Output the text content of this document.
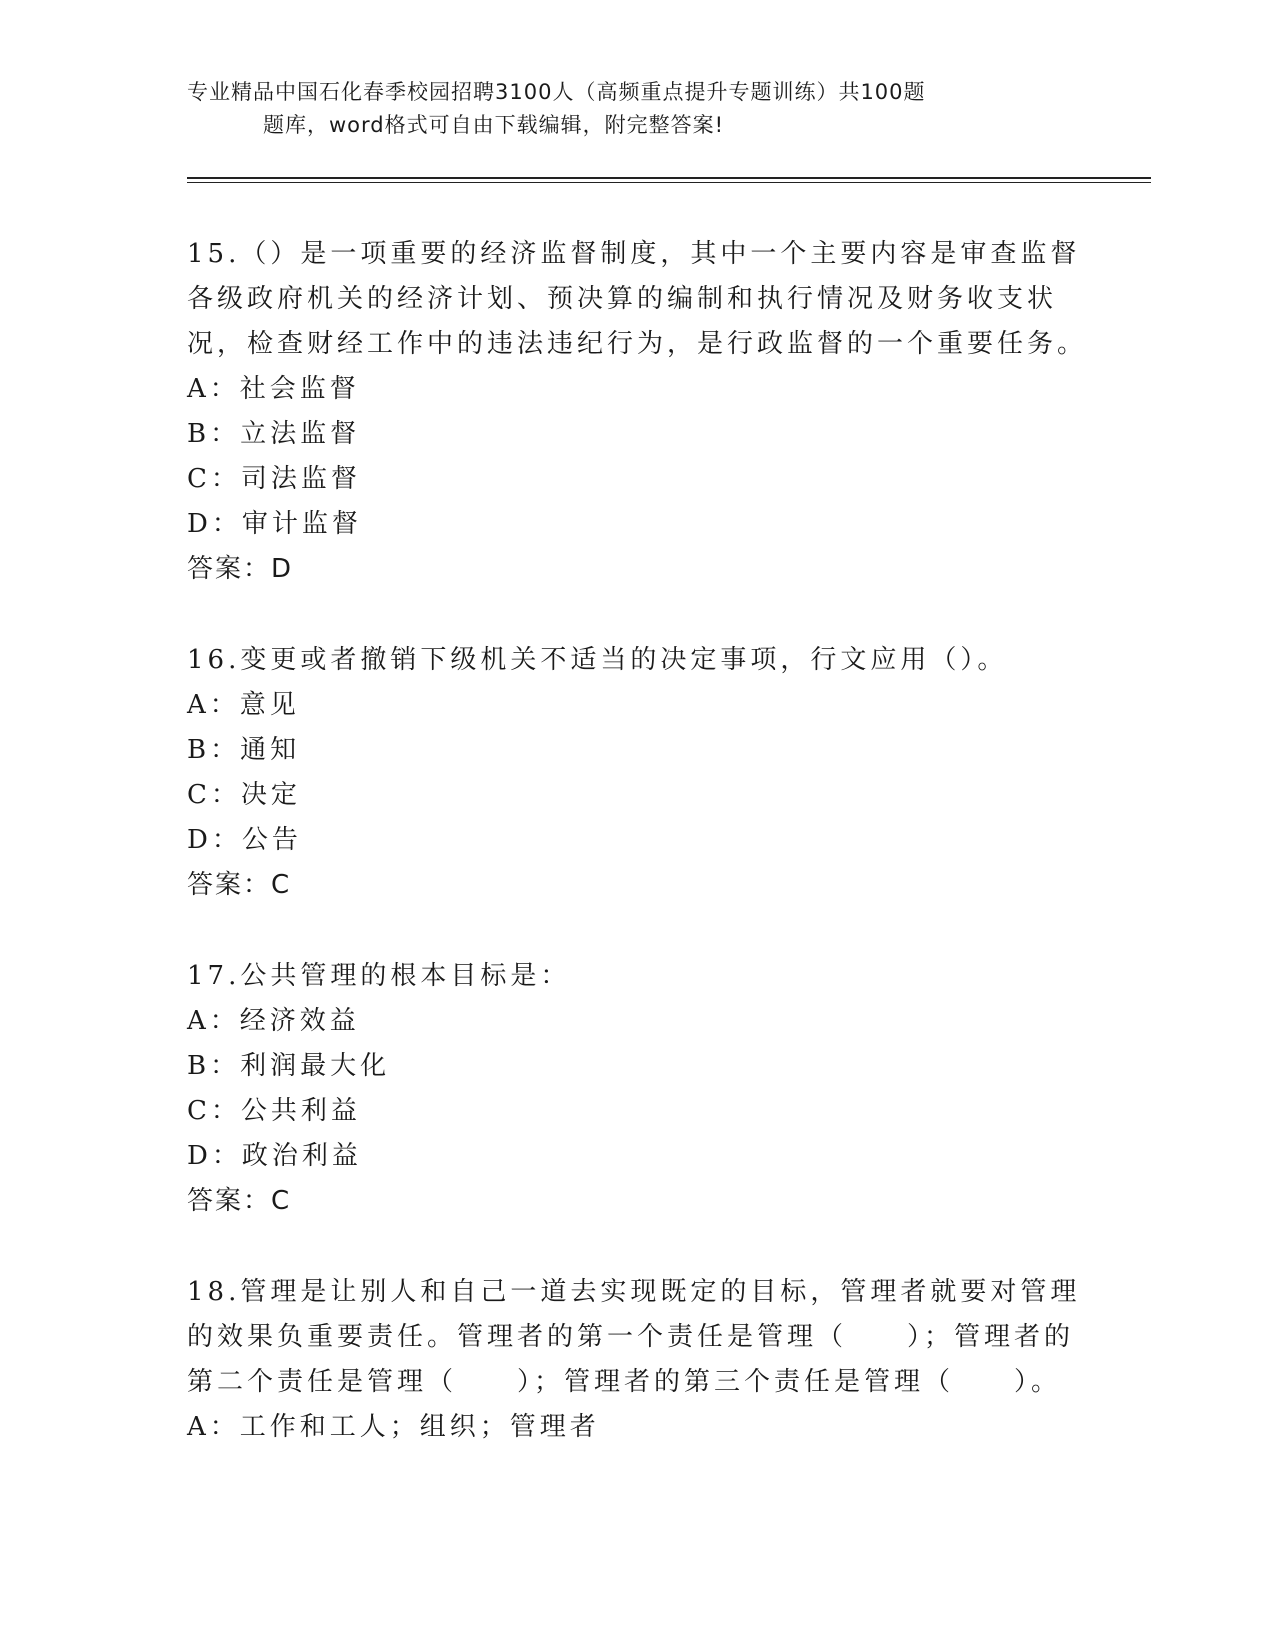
专业精品中国石化春季校园招聘3100人（高频重点提升专题训练）共100题
题库，word格式可自由下载编辑，附完整答案!
15.（）是一项重要的经济监督制度，其中一个主要内容是审查监督各级政府机关的经济计划、预决算的编制和执行情况及财务收支状况，检查财经工作中的违法违纪行为，是行政监督的一个重要任务。
A：社会监督
B：立法监督
C：司法监督
D：审计监督
答案：D
16.变更或者撤销下级机关不适当的决定事项，行文应用（）。
A：意见
B：通知
C：决定
D：公告
答案：C
17.公共管理的根本目标是：
A：经济效益
B：利润最大化
C：公共利益
D：政治利益
答案：C
18.管理是让别人和自己一道去实现既定的目标，管理者就要对管理的效果负重要责任。管理者的第一个责任是管理（　　）；管理者的第二个责任是管理（　　）；管理者的第三个责任是管理（　　）。
A：工作和工人；组织；管理者
